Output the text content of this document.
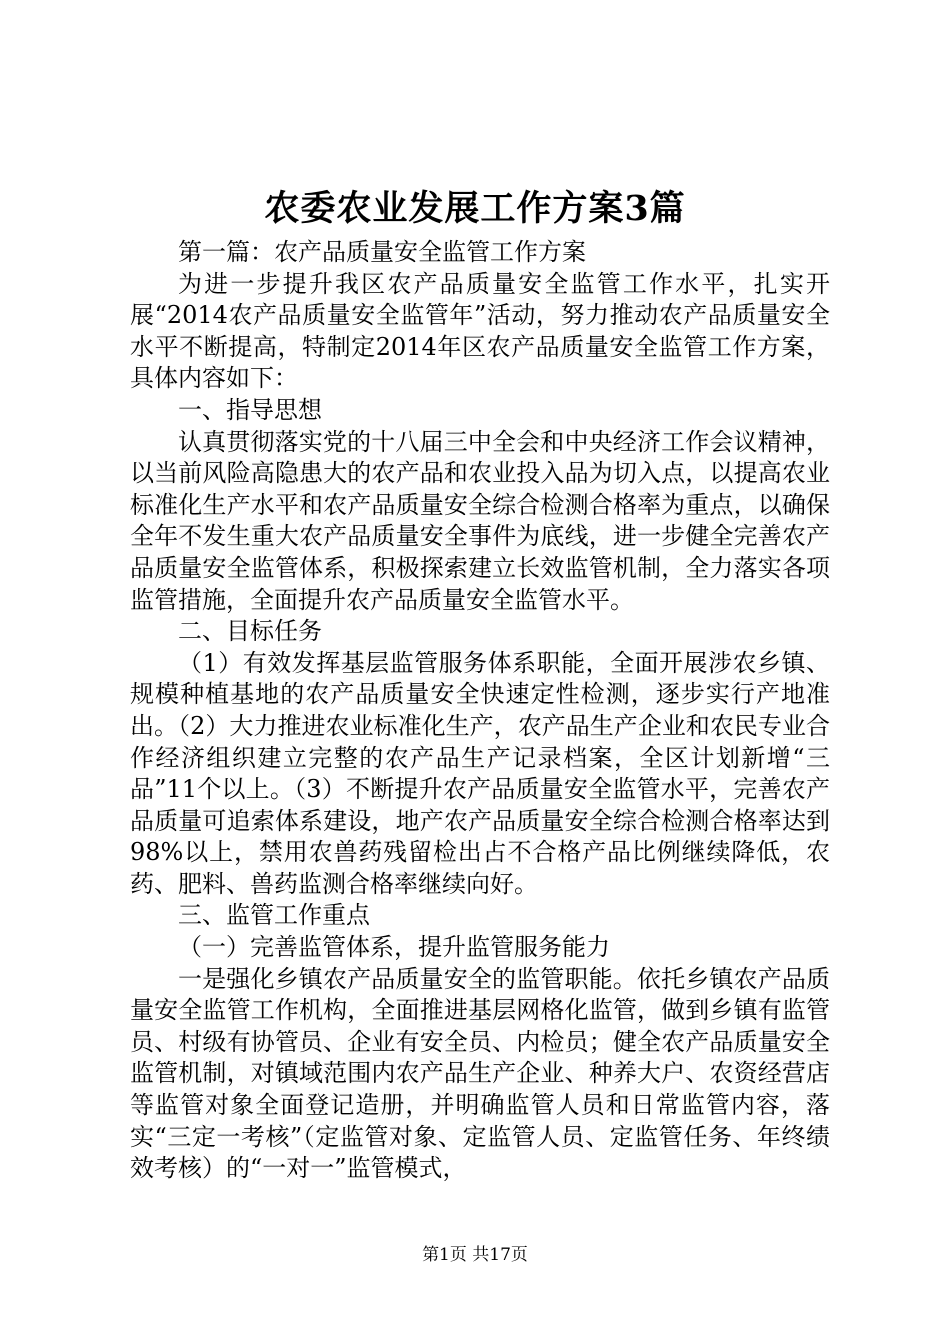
农委农业发展工作方案3篇

第一篇：农产品质量安全监管工作方案

为进一步提升我区农产品质量安全监管工作水平，扎实开展“2014农产品质量安全监管年”活动，努力推动农产品质量安全水平不断提高，特制定2014年区农产品质量安全监管工作方案，具体内容如下：

一、指导思想

认真贯彻落实党的十八届三中全会和中央经济工作会议精神，以当前风险高隐患大的农产品和农业投入品为切入点，以提高农业标准化生产水平和农产品质量安全综合检测合格率为重点，以确保全年不发生重大农产品质量安全事件为底线，进一步健全完善农产品质量安全监管体系，积极探索建立长效监管机制，全力落实各项监管措施，全面提升农产品质量安全监管水平。

二、目标任务

（1）有效发挥基层监管服务体系职能，全面开展涉农乡镇、规模种植基地的农产品质量安全快速定性检测，逐步实行产地准出。（2）大力推进农业标准化生产，农产品生产企业和农民专业合作经济组织建立完整的农产品生产记录档案，全区计划新增“三品”11个以上。（3）不断提升农产品质量安全监管水平，完善农产品质量可追索体系建设，地产农产品质量安全综合检测合格率达到98%以上，禁用农兽药残留检出占不合格产品比例继续降低，农药、肥料、兽药监测合格率继续向好。

三、监管工作重点

（一）完善监管体系，提升监管服务能力

一是强化乡镇农产品质量安全的监管职能。依托乡镇农产品质量安全监管工作机构，全面推进基层网格化监管，做到乡镇有监管员、村级有协管员、企业有安全员、内检员；健全农产品质量安全监管机制，对镇域范围内农产品生产企业、种养大户、农资经营店等监管对象全面登记造册，并明确监管人员和日常监管内容，落实“三定一考核”（定监管对象、定监管人员、定监管任务、年终绩效考核）的“一对一”监管模式，

第1页 共17页
